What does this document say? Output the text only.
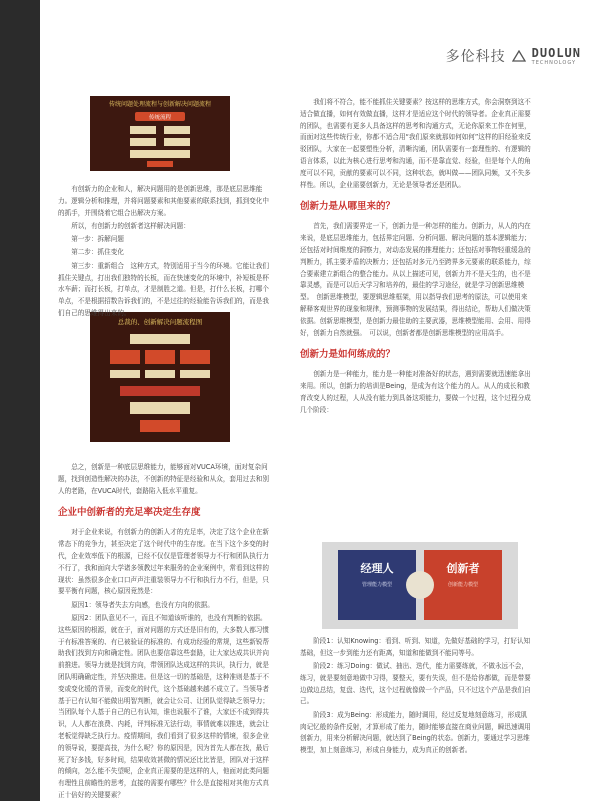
多伦科技 DUOLUN
TECHNOLOGY
传统问题处理流程与创新解决问题流程
传统流程
总裁的、创新解决问题流程图
经理人
管理能力模型
创新者
创新能力模型

有创新力的企业和人，解决问题用的是创新思维，那是底层思维能力。逻辑分析和推理，并将问题要素和其他要素的联系找到，抓到变化中的抓手，并围绕着它组合出解决方案。

所以，有创新力的创新者这样解决问题：

第一步：拆解问题

第二步：抓住变化

第三步：重新组合　这种方式，特别适用于当今的环境。它能让我们抓住关键点，打出我们独特的长板，而在快速变化的环境中，补短板是杯水车薪；而打长板，打单点，才是制胜之道。但是，打什么长板，打哪个单点，不是根据招数告诉我们的，不是过往的经验能告诉我们的，而是我们自己的思维得出来的。

总之，创新是一种底层思维能力，能够面对VUCA环境，面对复杂问题，找到创造性解决的办法，不创新的特征是经验和从众，套用过去和别人的老路，在VUCA时代，套路陷入低水平重复。

企业中创新者的充足率决定生存度

对于企业来说，有创新力的创新人才的充足率，决定了这个企业在新常态下的竞争力，甚至决定了这个时代中的生存度。在当下这个多变的时代，企业效率低下的根源，已经不仅仅是管理者领导力不行和团队执行力不行了，我和面向大学诸多领教过年来服务的企业案例中，常看到这样的现状：虽然很多企业口口声声注重装领导力不行和执行力不行，但是，只要平衡有问题，核心原因竟然是：

原因1：领导者失去方向感，也没有方向的依据。

原因2：团队意见不一，而且不知道该听谁的，也没有判断的依据。　这些原因的根源，就在于，面对问题的方式还是旧有的，大多数人都习惯于有标准答案的、有已被验证的标准的、有成功经验的常规，这些新锐帮助我们找到方向和确定性。团队也要信靠这些套路，让大家达成共识并向前推进。领导力就是找到方向，带领团队达成这样的共识，执行力，就是团队明确确定性，并坚决推进。但是这一切的基础是，这种准则是基于不变或变化缓的背景，而变化的时代，这个基础越来越不成立了。当领导者基于已有认知不能做出明智判断，就会让公司、让团队觉得缺乏领导力；当团队每个人基于自己的已有认知，谁也说服不了谁，大家还不成到得共识，人人都在浪费、内耗，评判标准无法行动，事情就难以推进，就会让老板觉得缺乏执行力。疫情期间，我们看到了很多这样的情境，很多企业的领导说，要提高技，为什么呢？你的原因是，因为首先人都在找，最后死了好多钱，好多时间，结果收效甚微的情况还比比皆是，团队对于这样的倾向，怎么能不失望呢，企业真正需要的是这样的人，他面对此类问题有理性且前瞻性的思考，直接的需要有哪些？什么是直接相对其他方式真正十倍好的关键要素？

我们将不符合，能不能抓住关键要素？按这样的思维方式，你会洞察到这不适合做直播，如何有效做直播，这样才是适应这个时代的领导者。企业真正需要的团队，也需要有更多人具备这样的思考和沟通方式，无论你原来工作在何里，而面对这些传统行业，你都不适合用“我们原来就那如何如何”这样的旧经验来反驳团队，大家在一起要塑性分析，清晰沟通，团队需要有一套理性的、有逻辑的语言体系，以此为核心进行思考和沟通，而不是靠直觉、经验，但是每个人的角度可以不同，贡献的要素可以不同，这种状态，就叫做——团队同频，又不失多样性。所以，企业需要创新力，无论是领导者还是团队。

创新力是从哪里来的？

首先，我们需要界定一下，创新力是一种怎样的能力。创新力，从人的内在来说，是底层思维能力，包括界定问题、分析问题、解决问题的基本逻辑能力；还包括对时间维度的洞察力，对动态发展的推理能力；还包括对事物轻重缓急的判断力，抓主要矛盾的决断力；还包括对多元乃至跨界多元要素的联系能力，综合要素建立新组合的整合能力。从以上描述可见，创新力并不是天生的，也不是靠灵感，而是可以后天学习和培养的，最佳的学习途径，就是学习创新思维模型。　创新思维模型，要逻辑思维框架，用以指导我们思考的原法，可以使用来解释客观世界的现象和规律，预测事物的发展结果，得出结论，帮助人们做决策依据。创新思维模型，是创新力最佳助的主要武器，思维模型能用、会用、用得好，创新力自然就强。　可以说，创新者都是创新思维模型的应用高手。

创新力是如何练成的？

创新力是一种能力，能力是一种能对准备好的状态，遇到需要就迅速能拿出来用。所以，创新力的培训是Being，是成为有这个能力的人。从人的成长和教育改变人的过程，人从没有能力到具备这项能力，要做一个过程，这个过程分成几个阶段：

阶段1：认知Knowing：看到、听到、知道，先做好基础的学习，打好认知基础，但这一步到能力还有距离，知道和能做到不能同等号。

阶段2：练习Doing：做试、抽出、迭代，能力需要练就，不做永远不会，练习，就是要刻意地做中习得，要整天，要有失误，但不是给你都做，而是带要边做边总结，复盘、迭代，这个过程就像做一个产品，只不过这个产品是我们自己。

阶段3：成为Being：形成能力，随时调用，经过反复地刻意练习，形成肌肉记忆般的条件反射，才算形成了能力，随时能够直接在商业问题，瞬迅速调用创新力，用来分析解决问题，就达到了Being的状态。创新力，要通过学习思维模型，加上刻意练习，形成自身能力，成为真正的创新者。
